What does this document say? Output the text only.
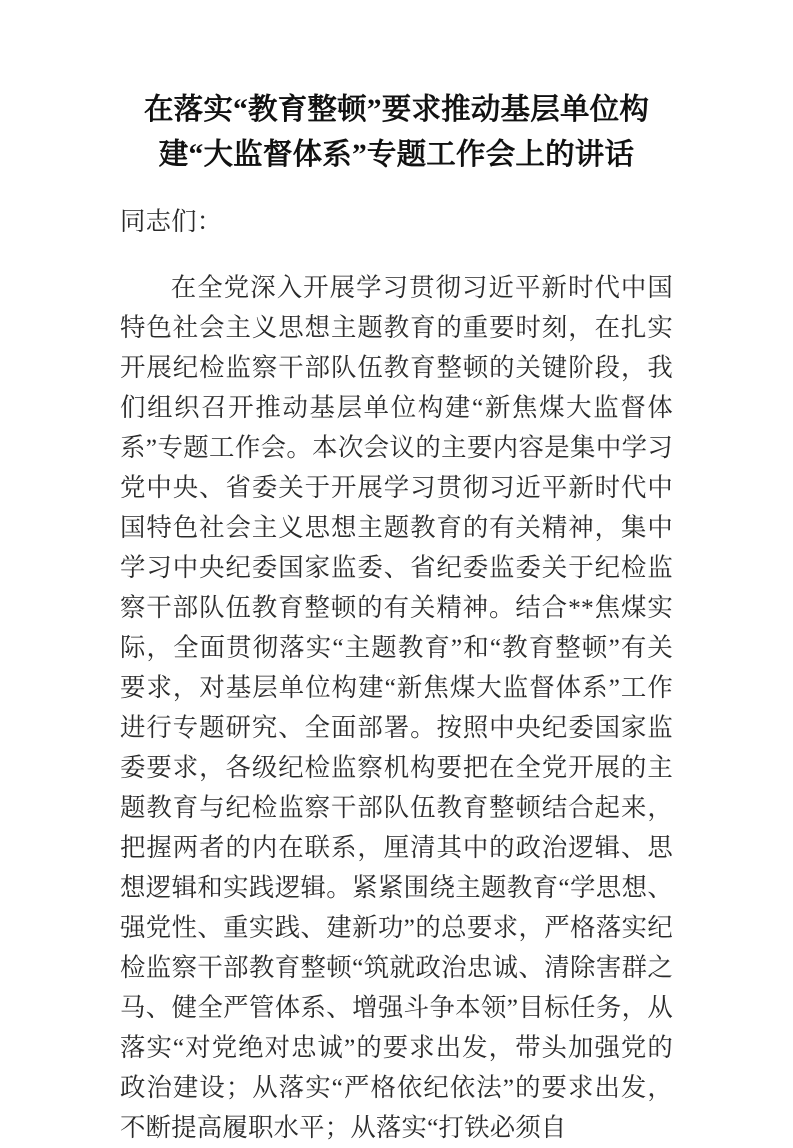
在落实“教育整顿”要求推动基层单位构建“大监督体系”专题工作会上的讲话

同志们：

在全党深入开展学习贯彻习近平新时代中国特色社会主义思想主题教育的重要时刻，在扎实开展纪检监察干部队伍教育整顿的关键阶段，我们组织召开推动基层单位构建“新焦煤大监督体系”专题工作会。本次会议的主要内容是集中学习党中央、省委关于开展学习贯彻习近平新时代中国特色社会主义思想主题教育的有关精神，集中学习中央纪委国家监委、省纪委监委关于纪检监察干部队伍教育整顿的有关精神。结合**焦煤实际，全面贯彻落实“主题教育”和“教育整顿”有关要求，对基层单位构建“新焦煤大监督体系”工作进行专题研究、全面部署。按照中央纪委国家监委要求，各级纪检监察机构要把在全党开展的主题教育与纪检监察干部队伍教育整顿结合起来，把握两者的内在联系，厘清其中的政治逻辑、思想逻辑和实践逻辑。紧紧围绕主题教育“学思想、强党性、重实践、建新功”的总要求，严格落实纪检监察干部教育整顿“筑就政治忠诚、清除害群之马、健全严管体系、增强斗争本领”目标任务，从落实“对党绝对忠诚”的要求出发，带头加强党的政治建设；从落实“严格依纪依法”的要求出发，不断提高履职水平；从落实“打铁必须自
